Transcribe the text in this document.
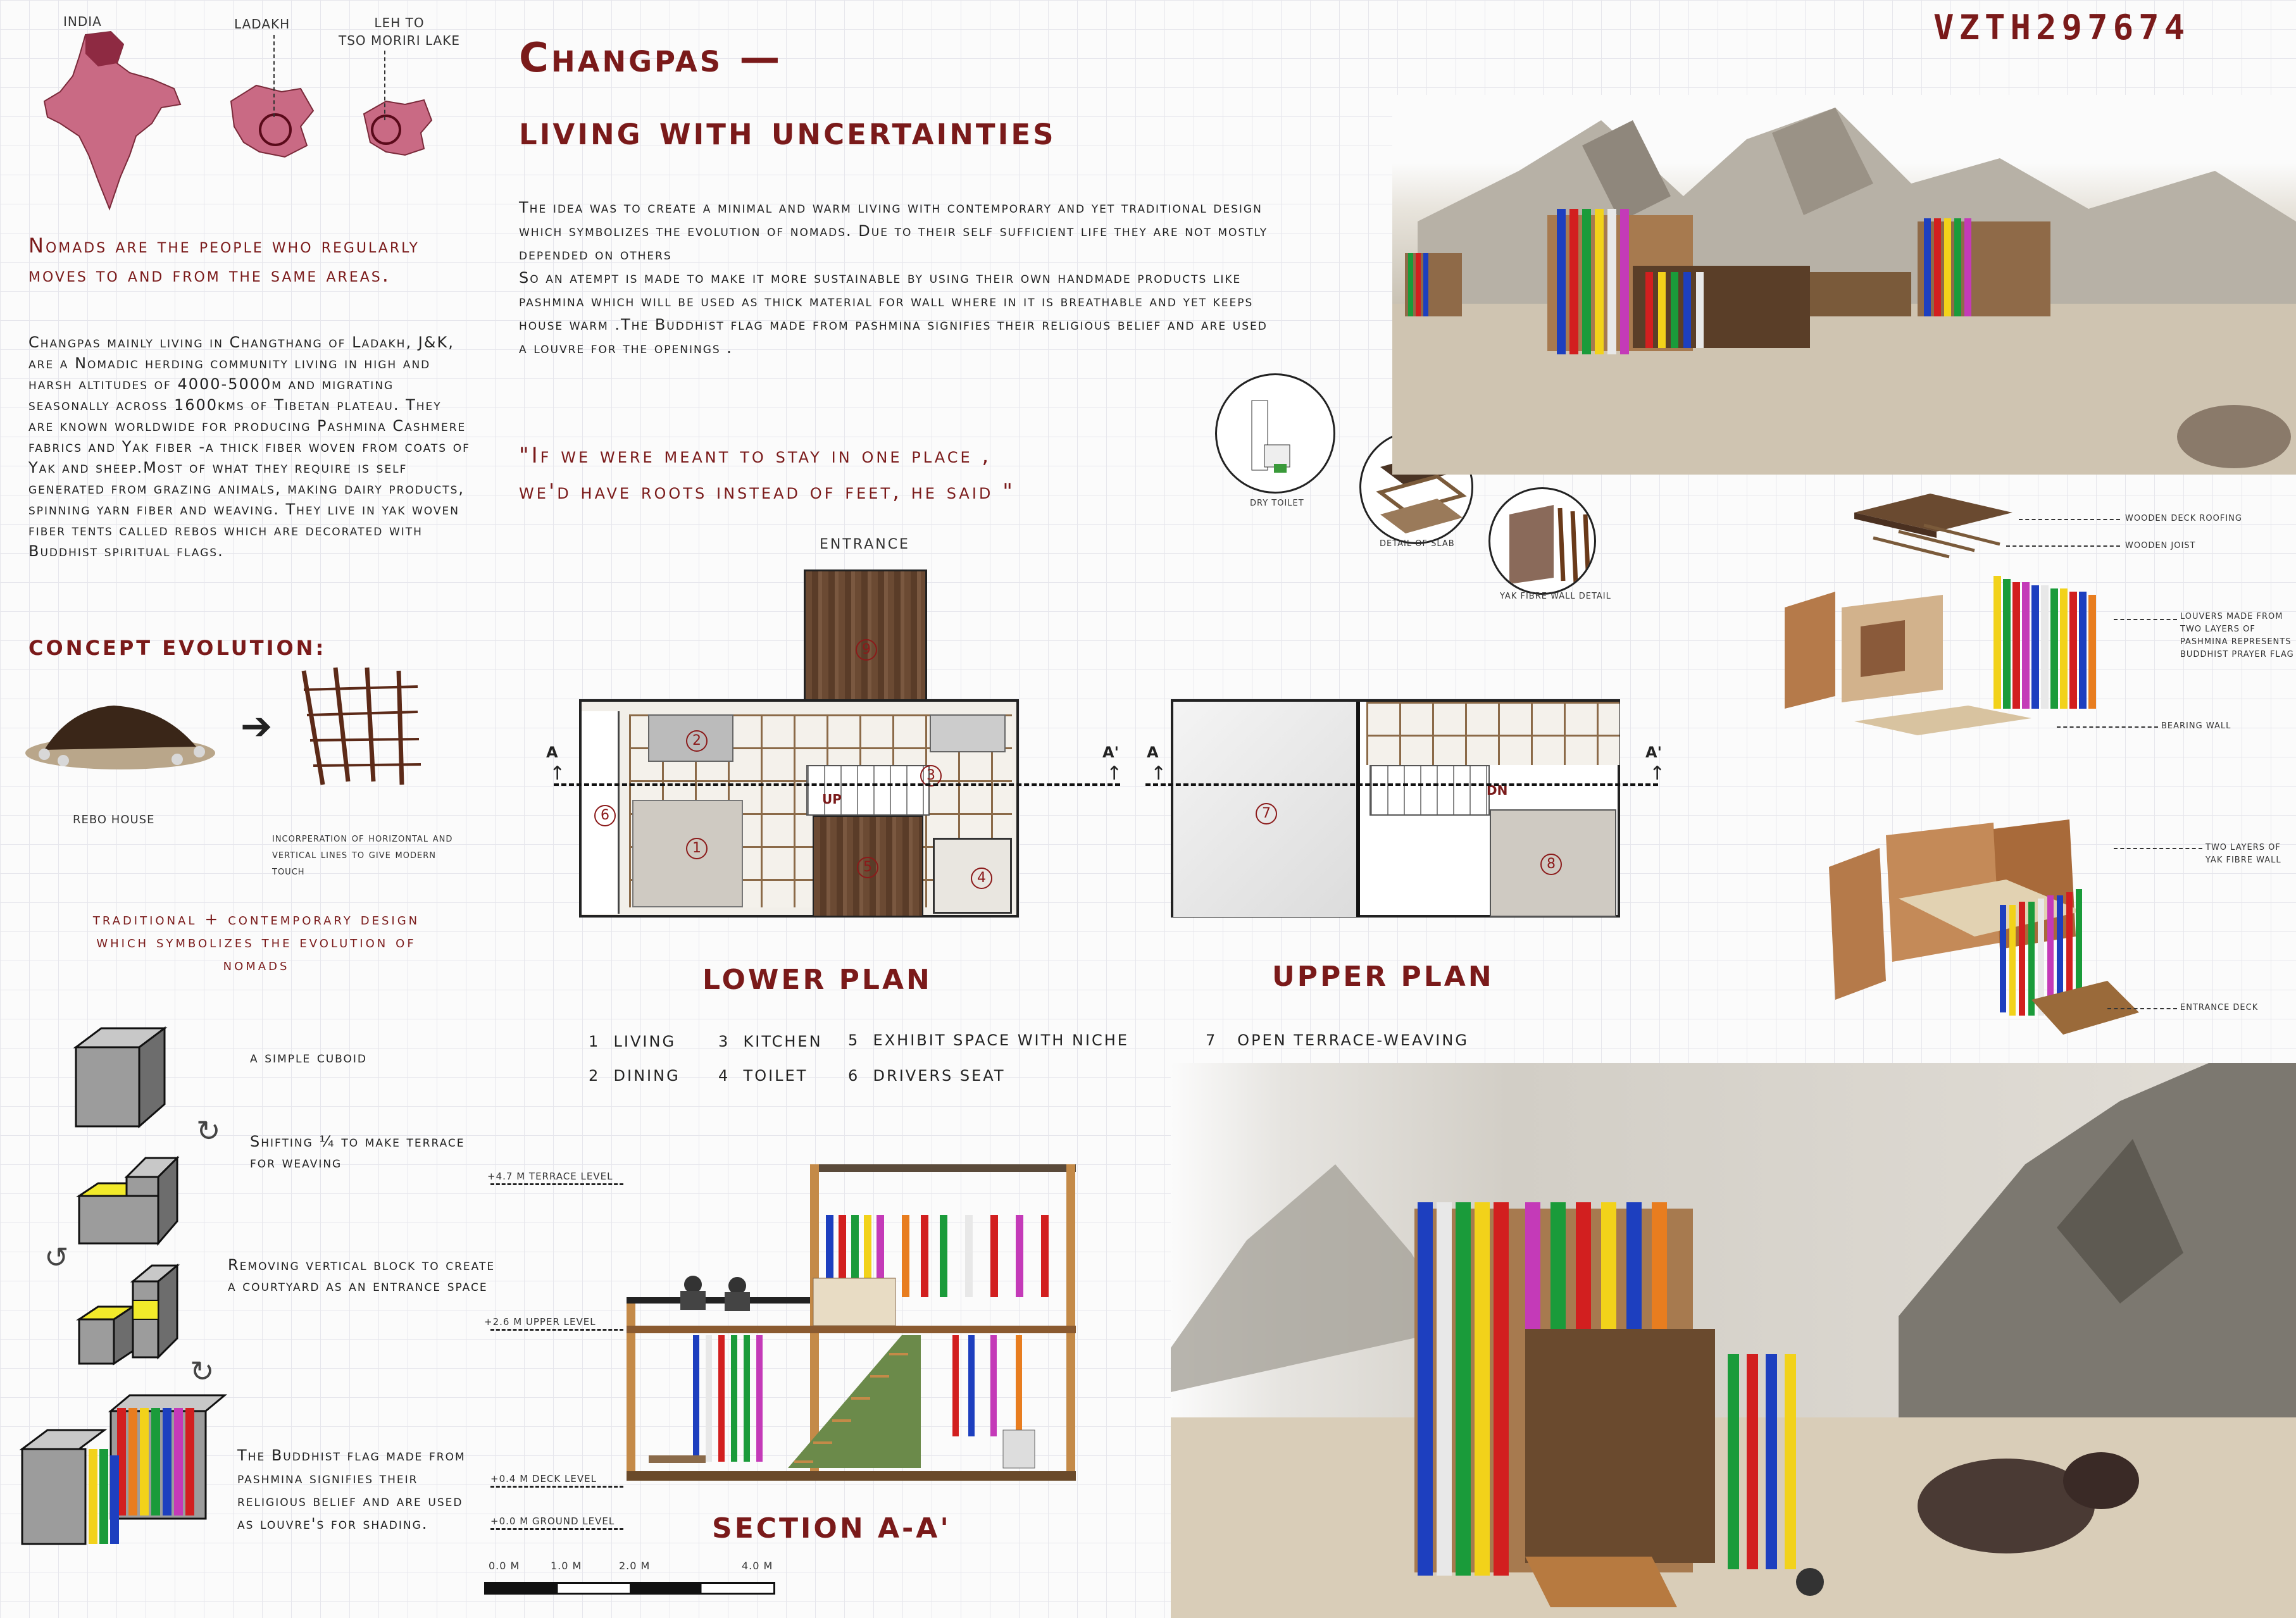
VZTH297674
Changpas —
living with uncertainties
INDIA	LADAKH	LEH TO
TSO MORIRI LAKE
Nomads are the people who regularly moves to and from the same areas.
Changpas mainly living in Changthang of Ladakh, J&K, are a Nomadic herding community living in high and harsh altitudes of 4000-5000m and migrating seasonally across 1600kms of Tibetan plateau. They are known worldwide for producing Pashmina Cashmere fabrics and Yak fiber -a thick fiber woven from coats of Yak and sheep.Most of what they require is self generated from grazing animals, making dairy products, spinning yarn fiber and weaving. They live in yak woven fiber tents called rebos which are decorated with Buddhist spiritual flags.
CONCEPT EVOLUTION:
➔
REBO HOUSE
incorperation of horizontal and vertical lines to give modern touch
traditional + contemporary design which symbolizes the evolution of nomads
↻
↺
↻
a simple cuboid
Shifting ¼ to make terrace for weaving
Removing vertical block to create a courtyard as an entrance space
The Buddhist flag made from pashmina signifies their religious belief and are used as louvre's for shading.
The idea was to create a minimal and warm living with contemporary and yet traditional design which symbolizes the evolution of nomads. Due to their self sufficient life they are not mostly depended on others
So an atempt is made to make it more sustainable by using their own handmade products like pashmina which will be used as thick material for wall where in it is breathable and yet keeps house warm .The Buddhist flag made from pashmina signifies their religious belief and are used a louvre for the openings .
"If we were meant to stay in one place ,
we'd have roots instead of feet, he said "	DRY TOILET
DETAIL OF SLAB
YAK FIBRE WALL DETAIL
WOODEN DECK ROOFING
WOODEN JOIST
LOUVERS MADE FROM TWO LAYERS OF PASHMINA REPRESENTS BUDDHIST PRAYER FLAG
BEARING WALL
TWO LAYERS OF YAK FIBRE WALL
ENTRANCE DECK
ENTRANCE
1
2
3
4
5
6
UP
9
A	A'
↑	↑
LOWER PLAN
7
8
DN
A	A'
↑	↑
UPPER PLAN
1 LIVING
2 DINING
3 KITCHEN
4 TOILET
5 EXHIBIT SPACE WITH NICHE
6 DRIVERS SEAT
7 OPEN TERRACE-WEAVING

+4.7 M TERRACE LEVEL
+2.6 M UPPER LEVEL
+0.4 M DECK LEVEL
+0.0 M GROUND LEVEL	SECTION A-A'
0.0 M	1.0 M	2.0 M	4.0 M
